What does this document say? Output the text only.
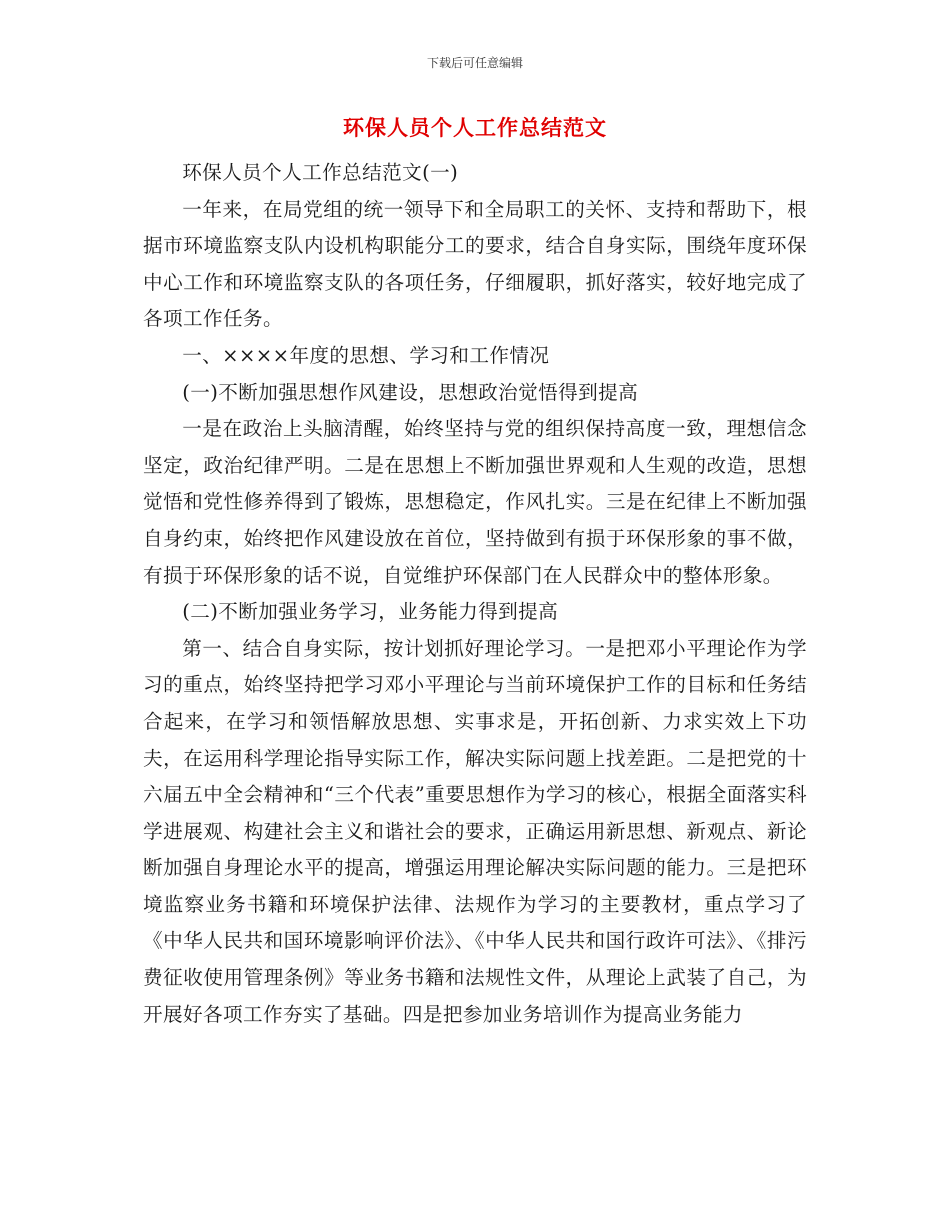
下载后可任意编辑
环保人员个人工作总结范文

环保人员个人工作总结范文(一)

一年来，在局党组的统一领导下和全局职工的关怀、支持和帮助下，根据市环境监察支队内设机构职能分工的要求，结合自身实际，围绕年度环保中心工作和环境监察支队的各项任务，仔细履职，抓好落实，较好地完成了各项工作任务。

一、××××年度的思想、学习和工作情况

(一)不断加强思想作风建设，思想政治觉悟得到提高

一是在政治上头脑清醒，始终坚持与党的组织保持高度一致，理想信念坚定，政治纪律严明。二是在思想上不断加强世界观和人生观的改造，思想觉悟和党性修养得到了锻炼，思想稳定，作风扎实。三是在纪律上不断加强自身约束，始终把作风建设放在首位，坚持做到有损于环保形象的事不做，有损于环保形象的话不说，自觉维护环保部门在人民群众中的整体形象。

(二)不断加强业务学习，业务能力得到提高

第一、结合自身实际，按计划抓好理论学习。一是把邓小平理论作为学习的重点，始终坚持把学习邓小平理论与当前环境保护工作的目标和任务结合起来，在学习和领悟解放思想、实事求是，开拓创新、力求实效上下功夫，在运用科学理论指导实际工作，解决实际问题上找差距。二是把党的十六届五中全会精神和“三个代表”重要思想作为学习的核心，根据全面落实科学进展观、构建社会主义和谐社会的要求，正确运用新思想、新观点、新论断加强自身理论水平的提高，增强运用理论解决实际问题的能力。三是把环境监察业务书籍和环境保护法律、法规作为学习的主要教材，重点学习了《中华人民共和国环境影响评价法》、《中华人民共和国行政许可法》、《排污费征收使用管理条例》等业务书籍和法规性文件，从理论上武装了自己，为开展好各项工作夯实了基础。四是把参加业务培训作为提高业务能力
